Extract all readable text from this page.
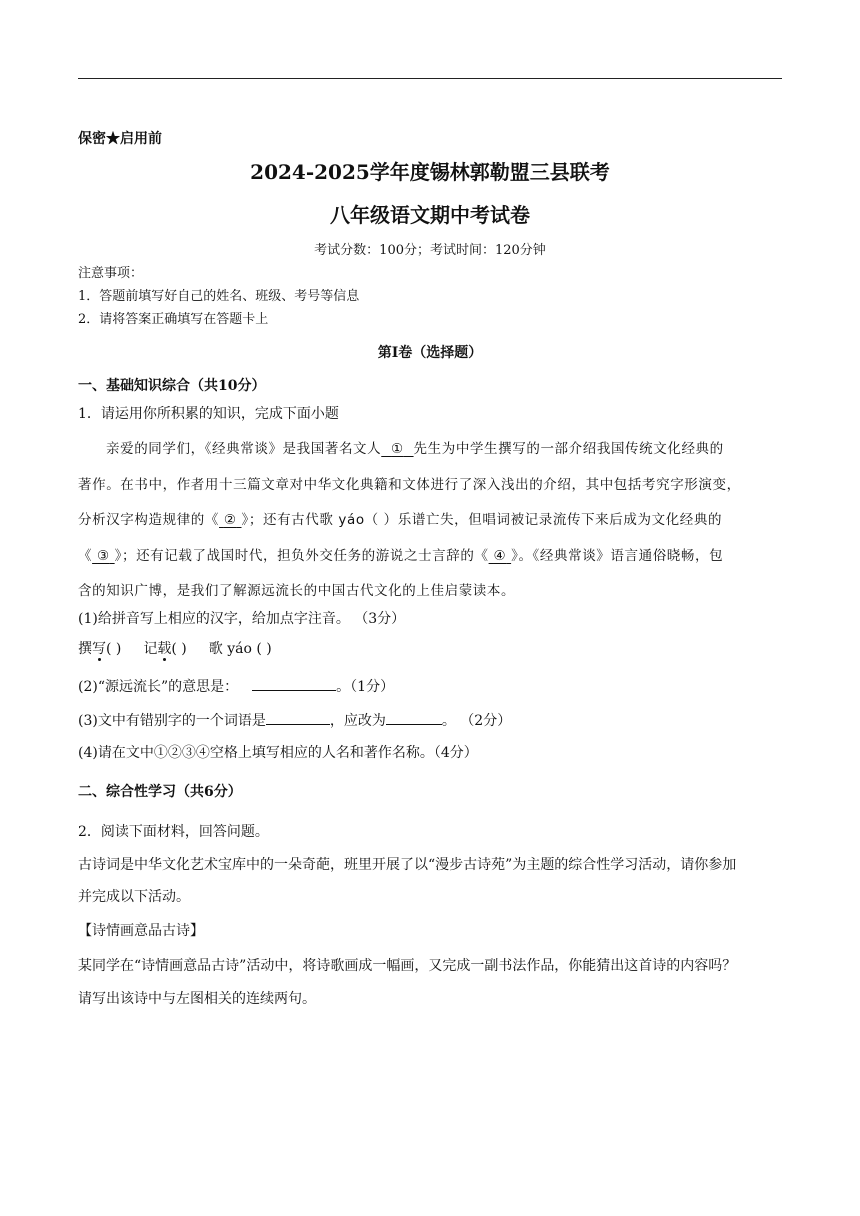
保密★启用前
2024-2025学年度锡林郭勒盟三县联考
八年级语文期中考试卷
考试分数：100分；考试时间：120分钟
注意事项：
1．答题前填写好自己的姓名、班级、考号等信息
2．请将答案正确填写在答题卡上
第Ⅰ卷（选择题）
一、基础知识综合（共10分）
1．请运用你所积累的知识，完成下面小题
亲爱的同学们，《经典常谈》是我国著名文人 ① 先生为中学生撰写的一部介绍我国传统文化经典的
著作。在书中，作者用十三篇文章对中华文化典籍和文体进行了深入浅出的介绍，其中包括考究字形演变，
分析汉字构造规律的《 ② 》；还有古代歌 yáo（ ）乐谱亡失，但唱词被记录流传下来后成为文化经典的
《 ③ 》；还有记载了战国时代，担负外交任务的游说之士言辞的《 ④ 》。《经典常谈》语言通俗晓畅，包
含的知识广博，是我们了解源远流长的中国古代文化的上佳启蒙读本。
(1)给拼音写上相应的汉字，给加点字注音。 （3分）
撰写( ) 记载( ) 歌 yáo ( )
(2)“源远流长”的意思是：	。（1分）
(3)文中有错别字的一个词语是	，应改为	。 （2分）
(4)请在文中①②③④空格上填写相应的人名和著作名称。（4分）
二、综合性学习（共6分）
2．阅读下面材料，回答问题。
古诗词是中华文化艺术宝库中的一朵奇葩，班里开展了以“漫步古诗苑”为主题的综合性学习活动，请你参加
并完成以下活动。
【诗情画意品古诗】
某同学在“诗情画意品古诗”活动中，将诗歌画成一幅画，又完成一副书法作品，你能猜出这首诗的内容吗？
请写出该诗中与左图相关的连续两句。
